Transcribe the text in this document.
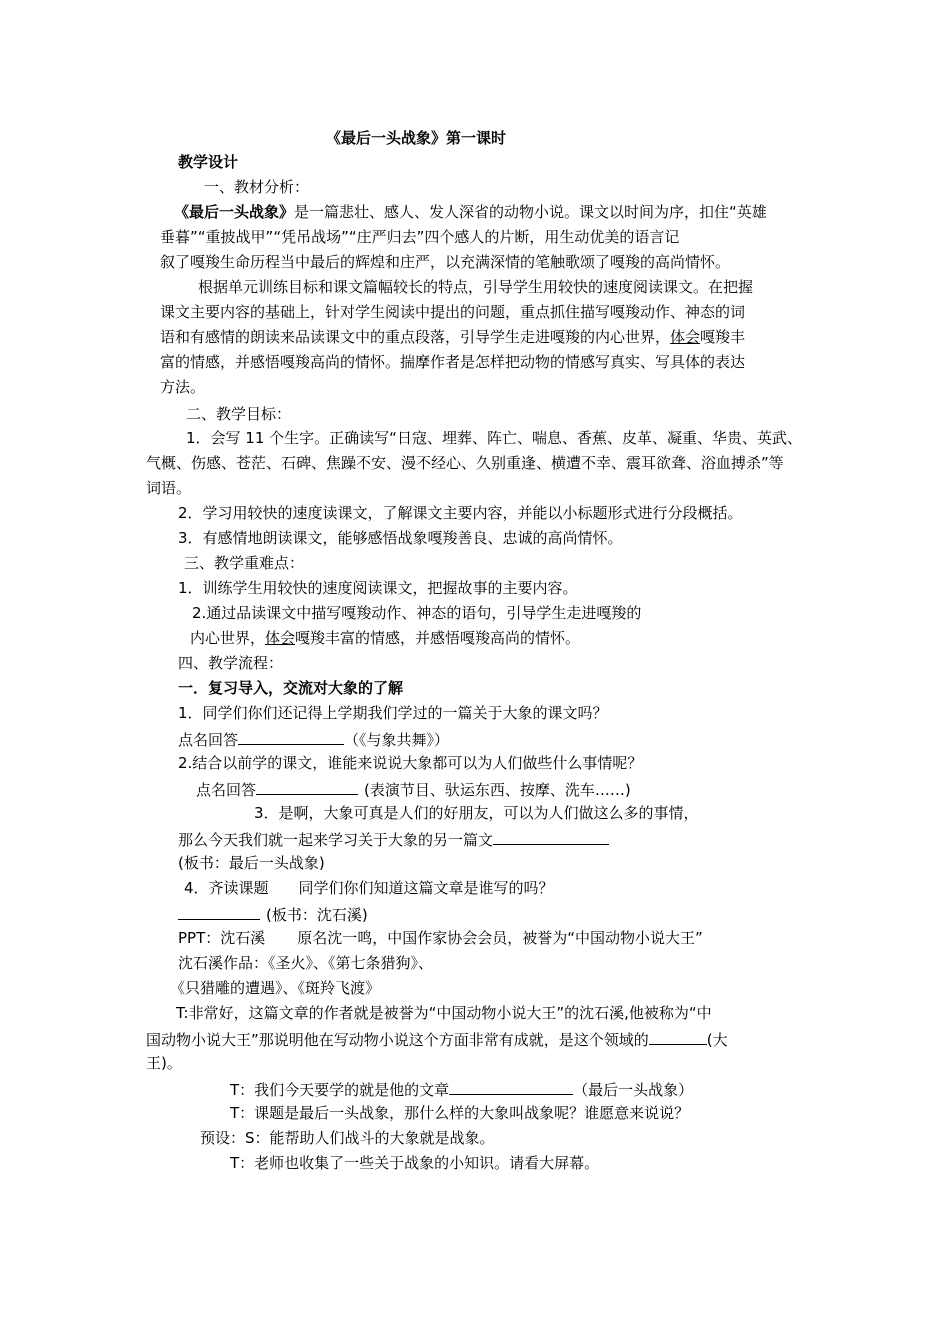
《最后一头战象》第一课时
教学设计
一、教材分析：
《最后一头战象》是一篇悲壮、感人、发人深省的动物小说。课文以时间为序，扣住“英雄
垂暮”“重披战甲”“凭吊战场”“庄严归去”四个感人的片断，用生动优美的语言记
叙了嘎羧生命历程当中最后的辉煌和庄严，以充满深情的笔触歌颂了嘎羧的高尚情怀。
根据单元训练目标和课文篇幅较长的特点，引导学生用较快的速度阅读课文。在把握
课文主要内容的基础上，针对学生阅读中提出的问题，重点抓住描写嘎羧动作、神态的词
语和有感情的朗读来品读课文中的重点段落，引导学生走进嘎羧的内心世界，体会嘎羧丰
富的情感，并感悟嘎羧高尚的情怀。揣摩作者是怎样把动物的情感写真实、写具体的表达
方法。
二、教学目标：
1．会写 11 个生字。正确读写“日寇、埋葬、阵亡、喘息、香蕉、皮革、凝重、华贵、英武、
气概、伤感、苍茫、石碑、焦躁不安、漫不经心、久别重逢、横遭不幸、震耳欲聋、浴血搏杀”等
词语。
2．学习用较快的速度读课文，了解课文主要内容，并能以小标题形式进行分段概括。
3．有感情地朗读课文，能够感悟战象嘎羧善良、忠诚的高尚情怀。
三、教学重难点：
1．训练学生用较快的速度阅读课文，把握故事的主要内容。
2.通过品读课文中描写嘎羧动作、神态的语句，引导学生走进嘎羧的
内心世界，体会嘎羧丰富的情感，并感悟嘎羧高尚的情怀。
四、教学流程：
一．复习导入，交流对大象的了解
1．同学们你们还记得上学期我们学过的一篇关于大象的课文吗？
点名回答	（《与象共舞》）
2.结合以前学的课文，谁能来说说大象都可以为人们做些什么事情呢？
点名回答	(表演节目、驮运东西、按摩、洗车……)
3．是啊，大象可真是人们的好朋友，可以为人们做这么多的事情，
那么今天我们就一起来学习关于大象的另一篇文
(板书：最后一头战象)
4．齐读课题 同学们你们知道这篇文章是谁写的吗？
(板书：沈石溪)
PPT：沈石溪 原名沈一鸣，中国作家协会会员，被誉为“中国动物小说大王”
沈石溪作品：《圣火》、《第七条猎狗》、
《只猎雕的遭遇》、《斑羚飞渡》
T:非常好，这篇文章的作者就是被誉为“中国动物小说大王”的沈石溪,他被称为“中
国动物小说大王”那说明他在写动物小说这个方面非常有成就，是这个领域的	(大
王)。
T：我们今天要学的就是他的文章	（最后一头战象）
T：课题是最后一头战象，那什么样的大象叫战象呢？谁愿意来说说？
预设：S：能帮助人们战斗的大象就是战象。
T：老师也收集了一些关于战象的小知识。请看大屏幕。
